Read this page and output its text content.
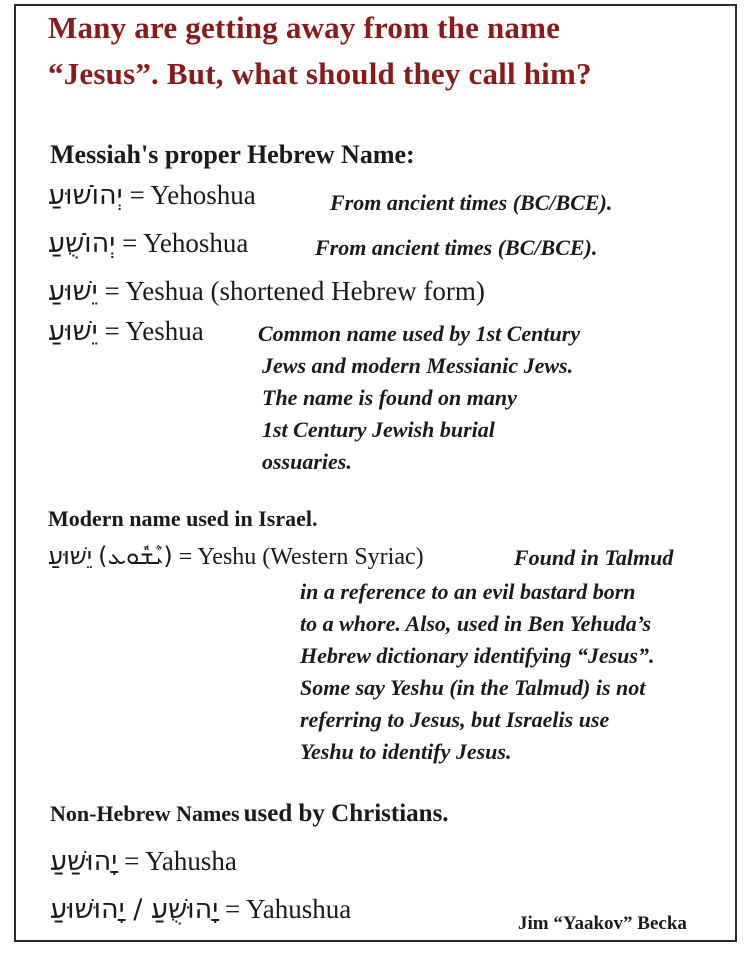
Many are getting away from the name
“Jesus”. But, what should they call him?
Messiah's proper Hebrew Name:
יְהוֹשׁוּעַ = Yehoshua	From ancient times (BC/BCE).
יְהוֹשֻׁעַ = Yehoshua	From ancient times (BC/BCE).
יֵשׁוּעַ = Yeshua (shortened Hebrew form)
יֵשׁוּעַ = Yeshua Common name used by 1st Century
Jews and modern Messianic Jews.
The name is found on many
1st Century Jewish burial
ossuaries.
Modern name used in Israel.
יֵשׁוּעַ (ܝܶܫܽܘܥ) = Yeshu (Western Syriac)	Found in Talmud
in a reference to an evil bastard born
to a whore. Also, used in Ben Yehuda’s
Hebrew dictionary identifying “Jesus”.
Some say Yeshu (in the Talmud) is not
referring to Jesus, but Israelis use
Yeshu to identify Jesus.
Non-Hebrew Names used by Christians.
יָהוּשַׁעַ = Yahusha
יָהוּשֻׁעַ / יָהוּשׁוּעַ = Yahushua	Jim “Yaakov” Becka
